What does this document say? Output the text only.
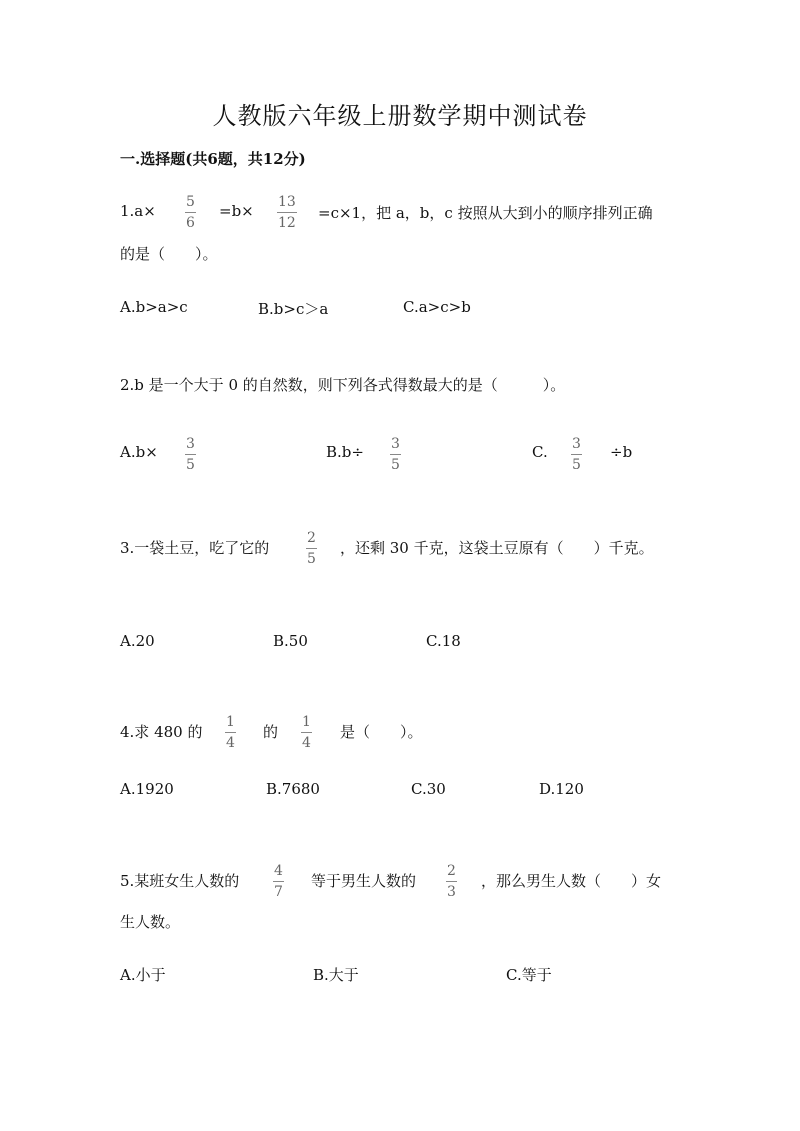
人教版六年级上册数学期中测试卷
一.选择题(共6题，共12分)
1.a× 5
6
=b× 13
12
=c×1，把 a，b，c 按照从大到小的顺序排列正确
的是（　　）。
A.b>a>c	B.b>c＞a	C.a>c>b
2.b 是一个大于 0 的自然数，则下列各式得数最大的是（　　　）。
A.b× 3
5
B.b÷ 3
5
C. 3
5
÷b
3.一袋土豆，吃了它的
2
5
，还剩 30 千克，这袋土豆原有（　　）千克。
A.20	B.50	C.18
4.求 480 的
1
4
的
1
4
是（　　）。
A.1920	B.7680	C.30	D.120
5.某班女生人数的
4
7
等于男生人数的
2
3
，那么男生人数（　　）女
生人数。
A.小于	B.大于	C.等于
